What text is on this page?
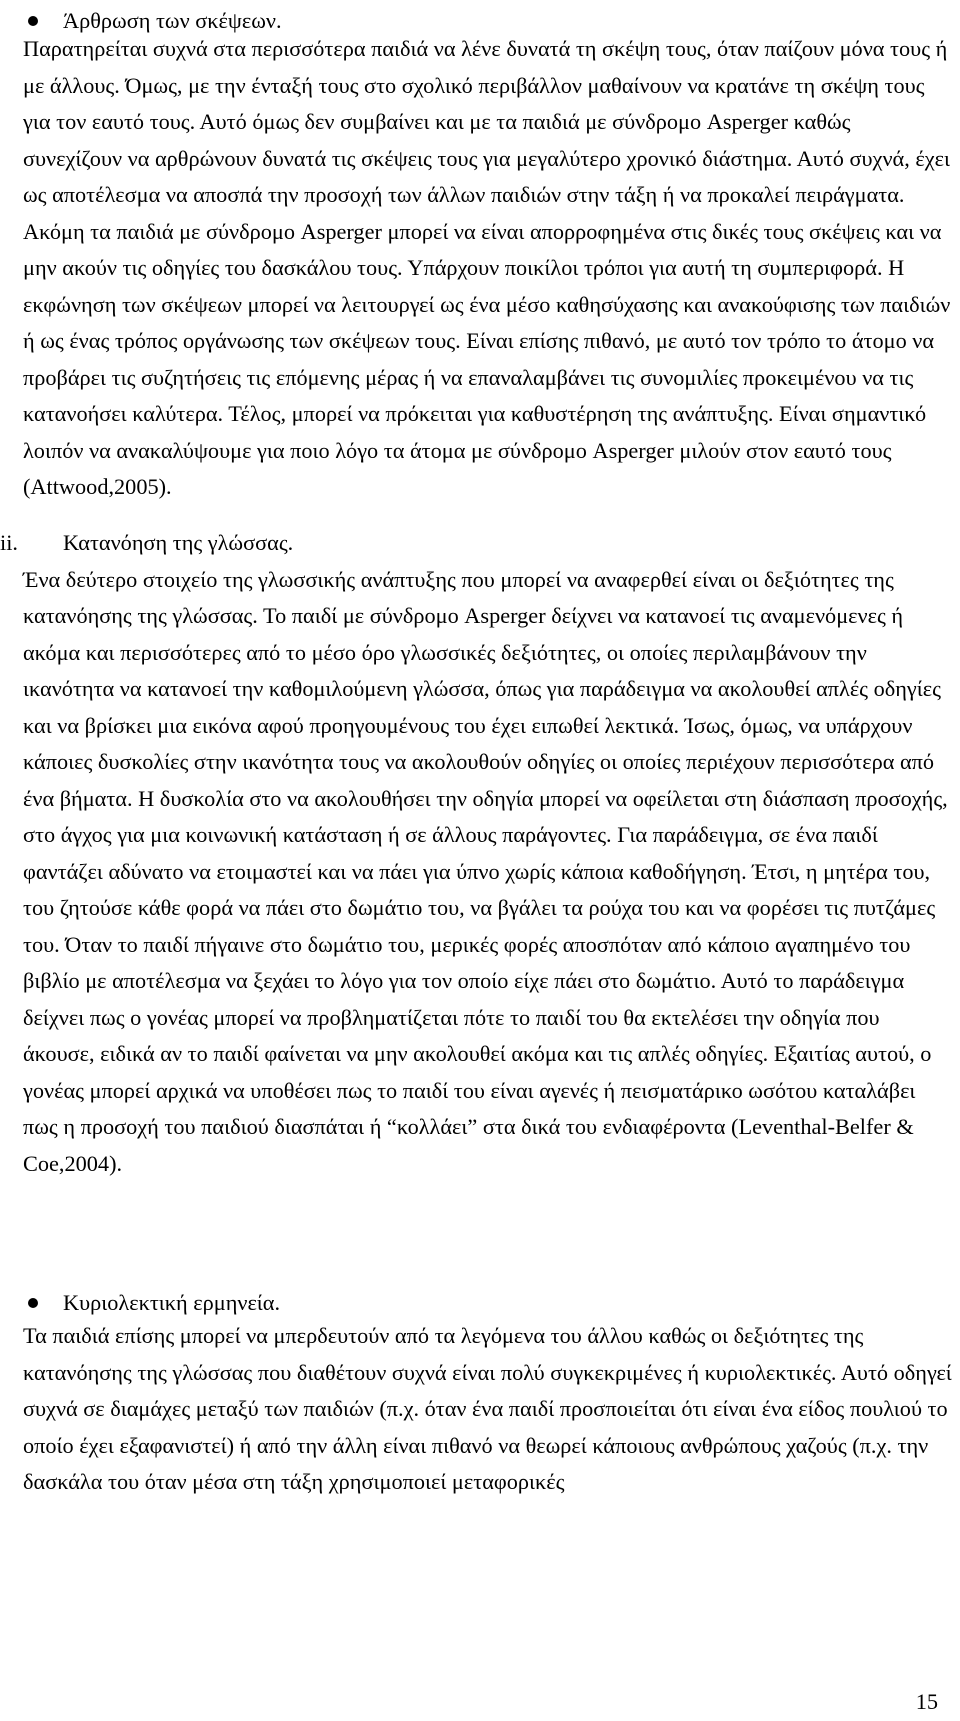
Άρθρωση των σκέψεων.

Παρατηρείται συχνά στα περισσότερα παιδιά να λένε δυνατά τη σκέψη τους, όταν παίζουν μόνα τους ή με άλλους. Όμως, με την ένταξή τους στο σχολικό περιβάλλον μαθαίνουν να κρατάνε τη σκέψη τους για τον εαυτό τους. Αυτό όμως δεν συμβαίνει και με τα παιδιά με σύνδρομο Asperger καθώς συνεχίζουν να αρθρώνουν δυνατά τις σκέψεις τους για μεγαλύτερο χρονικό διάστημα. Αυτό συχνά, έχει ως αποτέλεσμα να αποσπά την προσοχή των άλλων παιδιών στην τάξη ή να προκαλεί πειράγματα. Ακόμη τα παιδιά με σύνδρομο Asperger μπορεί να είναι απορροφημένα στις δικές τους σκέψεις και να μην ακούν τις οδηγίες του δασκάλου τους. Υπάρχουν ποικίλοι τρόποι για αυτή τη συμπεριφορά. Η εκφώνηση των σκέψεων μπορεί να λειτουργεί ως ένα μέσο καθησύχασης και ανακούφισης των παιδιών ή ως ένας τρόπος οργάνωσης των σκέψεων τους. Είναι επίσης πιθανό, με αυτό τον τρόπο το άτομο να προβάρει τις συζητήσεις τις επόμενης μέρας ή να επαναλαμβάνει τις συνομιλίες προκειμένου να τις κατανοήσει καλύτερα. Τέλος, μπορεί να πρόκειται για καθυστέρηση της ανάπτυξης. Είναι σημαντικό λοιπόν να ανακαλύψουμε για ποιο λόγο τα άτομα με σύνδρομο Asperger μιλούν στον εαυτό τους (Attwood,2005).

ii. Κατανόηση της γλώσσας.

Ένα δεύτερο στοιχείο της γλωσσικής ανάπτυξης που μπορεί να αναφερθεί είναι οι δεξιότητες της κατανόησης της γλώσσας. Το παιδί με σύνδρομο Asperger δείχνει να κατανοεί τις αναμενόμενες ή ακόμα και περισσότερες από το μέσο όρο γλωσσικές δεξιότητες, οι οποίες περιλαμβάνουν την ικανότητα να κατανοεί την καθομιλούμενη γλώσσα, όπως για παράδειγμα να ακολουθεί απλές οδηγίες και να βρίσκει μια εικόνα αφού προηγουμένους του έχει ειπωθεί λεκτικά. Ίσως, όμως, να υπάρχουν κάποιες δυσκολίες στην ικανότητα τους να ακολουθούν οδηγίες οι οποίες περιέχουν περισσότερα από ένα βήματα. Η δυσκολία στο να ακολουθήσει την οδηγία μπορεί να οφείλεται στη διάσπαση προσοχής, στο άγχος για μια κοινωνική κατάσταση ή σε άλλους παράγοντες. Για παράδειγμα, σε ένα παιδί φαντάζει αδύνατο να ετοιμαστεί και να πάει για ύπνο χωρίς κάποια καθοδήγηση. Έτσι, η μητέρα του, του ζητούσε κάθε φορά να πάει στο δωμάτιο του, να βγάλει τα ρούχα του και να φορέσει τις πυτζάμες του. Όταν το παιδί πήγαινε στο δωμάτιο του, μερικές φορές αποσπόταν από κάποιο αγαπημένο του βιβλίο με αποτέλεσμα να ξεχάει το λόγο για τον οποίο είχε πάει στο δωμάτιο. Αυτό το παράδειγμα δείχνει πως ο γονέας μπορεί να προβληματίζεται πότε το παιδί του θα εκτελέσει την οδηγία που άκουσε, ειδικά αν το παιδί φαίνεται να μην ακολουθεί ακόμα και τις απλές οδηγίες. Εξαιτίας αυτού, ο γονέας μπορεί αρχικά να υποθέσει πως το παιδί του είναι αγενές ή πεισματάρικο ωσότου καταλάβει πως η προσοχή του παιδιού διασπάται ή “κολλάει” στα δικά του ενδιαφέροντα (Leventhal-Belfer & Coe,2004).

Κυριολεκτική ερμηνεία.

Τα παιδιά επίσης μπορεί να μπερδευτούν από τα λεγόμενα του άλλου καθώς οι δεξιότητες της κατανόησης της γλώσσας που διαθέτουν συχνά είναι πολύ συγκεκριμένες ή κυριολεκτικές. Αυτό οδηγεί συχνά σε διαμάχες μεταξύ των παιδιών (π.χ. όταν ένα παιδί προσποιείται ότι είναι ένα είδος πουλιού το οποίο έχει εξαφανιστεί) ή από την άλλη είναι πιθανό να θεωρεί κάποιους ανθρώπους χαζούς (π.χ. την δασκάλα του όταν μέσα στη τάξη χρησιμοποιεί μεταφορικές

15
